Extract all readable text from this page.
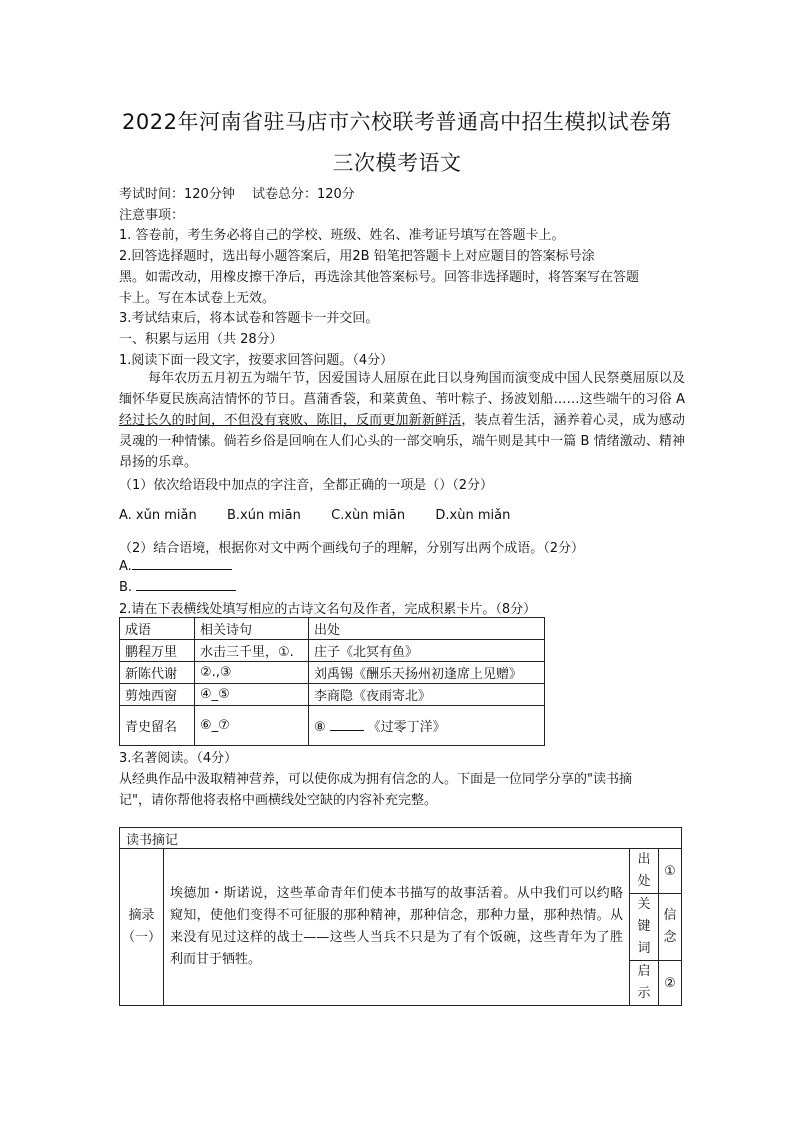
2022年河南省驻马店市六校联考普通高中招生模拟试卷第
三次模考语文
考试时间：120分钟　 试卷总分：120分
注意事项：
1. 答卷前，考生务必将自己的学校、班级、姓名、准考证号填写在答题卡上。
2.回答选择题时，选出每小题答案后，用2B 铅笔把答题卡上对应题目的答案标号涂
黑。如需改动，用橡皮擦干净后，再选涂其他答案标号。回答非选择题时，将答案写在答题
卡上。写在本试卷上无效。
3.考试结束后，将本试卷和答题卡一并交回。
一、积累与运用（共 28分）
1.阅读下面一段文字，按要求回答问题。（4分）
每年农历五月初五为端午节，因爱国诗人屈原在此日以身殉国而演变成中国人民祭奠屈原以及缅怀华夏民族高洁情怀的节日。菖蒲香袋，和菜黄鱼、苇叶粽子、扬波划船……这些端午的习俗 A 经过长久的时间，不但没有衰败、陈旧，反而更加新新鲜活，装点着生活，涵养着心灵，成为感动灵魂的一种情愫。倘若乡俗是回响在人们心头的一部交响乐，端午则是其中一篇 B 情绪激动、精神昂扬的乐章。
（1）依次给语段中加点的字注音，全都正确的一项是（）（2分）
A. xǔn miǎn B.xún miān C.xùn miān D.xùn miǎn
（2）结合语境，根据你对文中两个画线句子的理解，分别写出两个成语。（2分）
A.
B.
2.请在下表横线处填写相应的古诗文名句及作者，完成积累卡片。（8分）
成语	相关诗句	出处
鹏程万里	水击三千里，①.	庄子《北冥有鱼》
新陈代谢	②.,③	刘禹锡《酬乐天扬州初逢席上见赠》
剪烛西窗	④_⑤	李商隐《夜雨寄北》
青史留名	⑥_⑦	⑧ 《过零丁洋》
3.名著阅读。（4分）
从经典作品中汲取精神营养，可以使你成为拥有信念的人。下面是一位同学分享的"读书摘
记"，请你帮他将表格中画横线处空缺的内容补充完整。
读书摘记			
摘录（一）	埃德加・斯诺说，这些革命青年们使本书描写的故事活着。从中我们可以约略窥知，使他们变得不可征服的那种精神，那种信念，那种力量，那种热情。从来没有见过这样的战士——这些人当兵不只是为了有个饭碗，这些青年为了胜利而甘于牺牲。	出处	①
		关键词	信念
		启示	②
